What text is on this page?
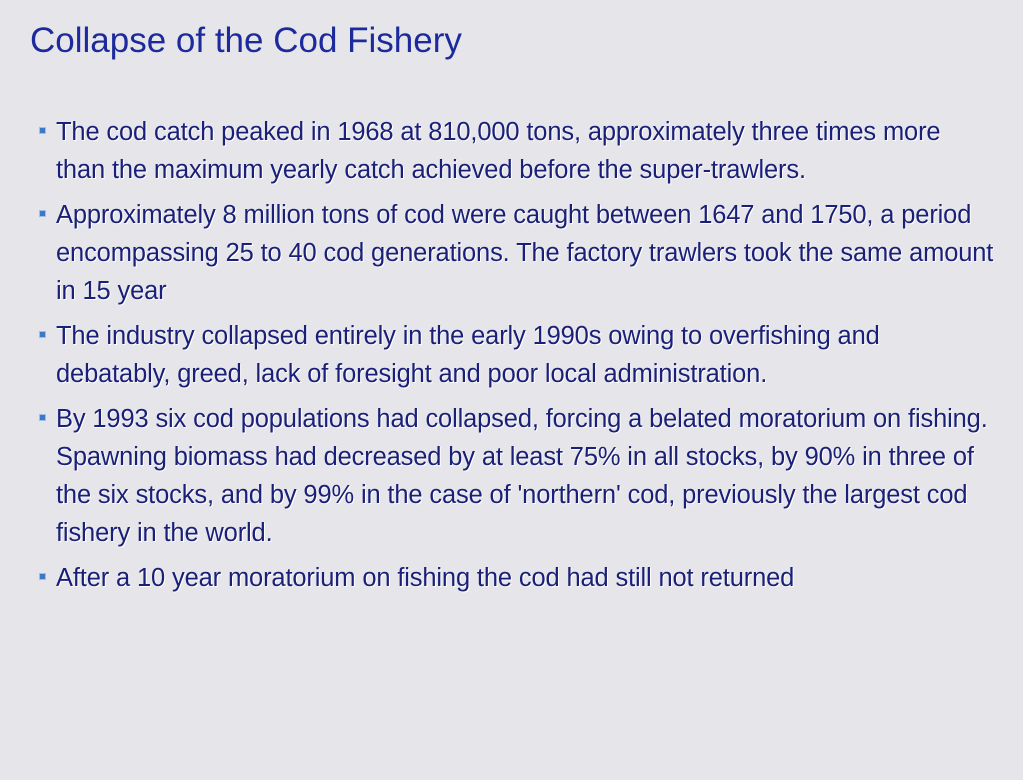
Collapse of the Cod Fishery
The cod catch peaked in 1968 at 810,000 tons, approximately three times more than the maximum yearly catch achieved before the super-trawlers.
Approximately 8 million tons of cod were caught between 1647 and 1750, a period encompassing 25 to 40 cod generations. The factory trawlers took the same amount in 15 year
The industry collapsed entirely in the early 1990s owing to overfishing and debatably, greed, lack of foresight and poor local administration.
By 1993 six cod populations had collapsed, forcing a belated moratorium on fishing. Spawning biomass had decreased by at least 75% in all stocks, by 90% in three of the six stocks, and by 99% in the case of 'northern' cod, previously the largest cod fishery in the world.
After a 10 year moratorium on fishing the cod had still not returned
